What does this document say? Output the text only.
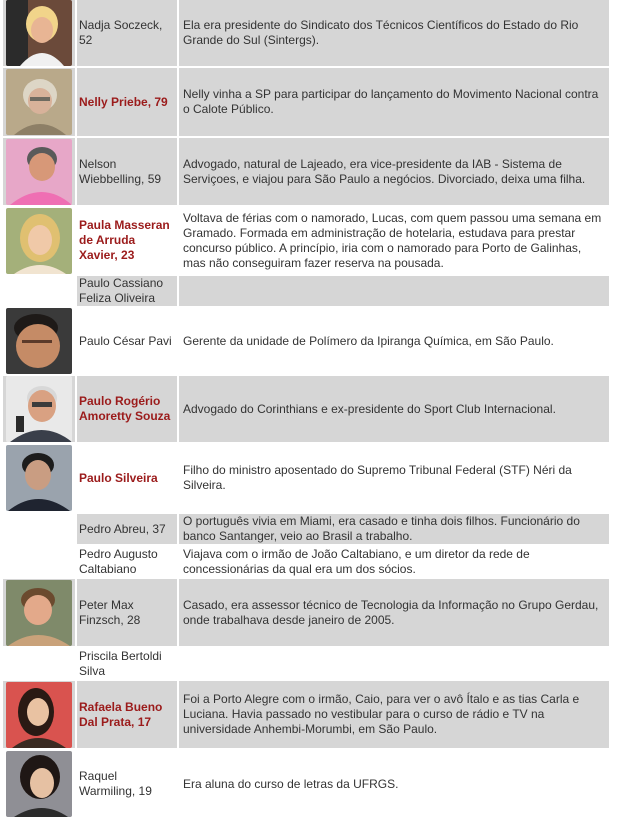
	Nadja Soczeck, 52	Ela era presidente do Sindicato dos Técnicos Científicos do Estado do Rio Grande do Sul (Sintergs).

	Nelly Priebe, 79	Nelly vinha a SP para participar do lançamento do Movimento Nacional contra o Calote Público.

	Nelson Wiebbelling, 59	Advogado, natural de Lajeado, era vice-presidente da IAB - Sistema de Serviçoes, e viajou para São Paulo a negócios. Divorciado, deixa uma filha.

	Paula Masseran de Arruda Xavier, 23	Voltava de férias com o namorado, Lucas, com quem passou uma semana em Gramado. Formada em administração de hotelaria, estudava para prestar concurso público. A princípio, iria com o namorado para Porto de Galinhas, mas não conseguiram fazer reserva na pousada.
	Paulo Cassiano Feliza Oliveira	

	Paulo César Pavi	Gerente da unidade de Polímero da Ipiranga Química, em São Paulo.

	Paulo Rogério Amoretty Souza	Advogado do Corinthians e ex-presidente do Sport Club Internacional.

	Paulo Silveira	Filho do ministro aposentado do Supremo Tribunal Federal (STF) Néri da Silveira.
	Pedro Abreu, 37	O português vivia em Miami, era casado e tinha dois filhos. Funcionário do banco Santanger, veio ao Brasil a trabalho.
	Pedro Augusto Caltabiano	Viajava com o irmão de João Caltabiano, e um diretor da rede de concessionárias da qual era um dos sócios.

	Peter Max Finzsch, 28	Casado, era assessor técnico de Tecnologia da Informação no Grupo Gerdau, onde trabalhava desde janeiro de 2005.
	Priscila Bertoldi Silva	

	Rafaela Bueno Dal Prata, 17	Foi a Porto Alegre com o irmão, Caio, para ver o avô Ítalo e as tias Carla e Luciana. Havia passado no vestibular para o curso de rádio e TV na universidade Anhembi-Morumbi, em São Paulo.

	Raquel Warmiling, 19	Era aluna do curso de letras da UFRGS.
